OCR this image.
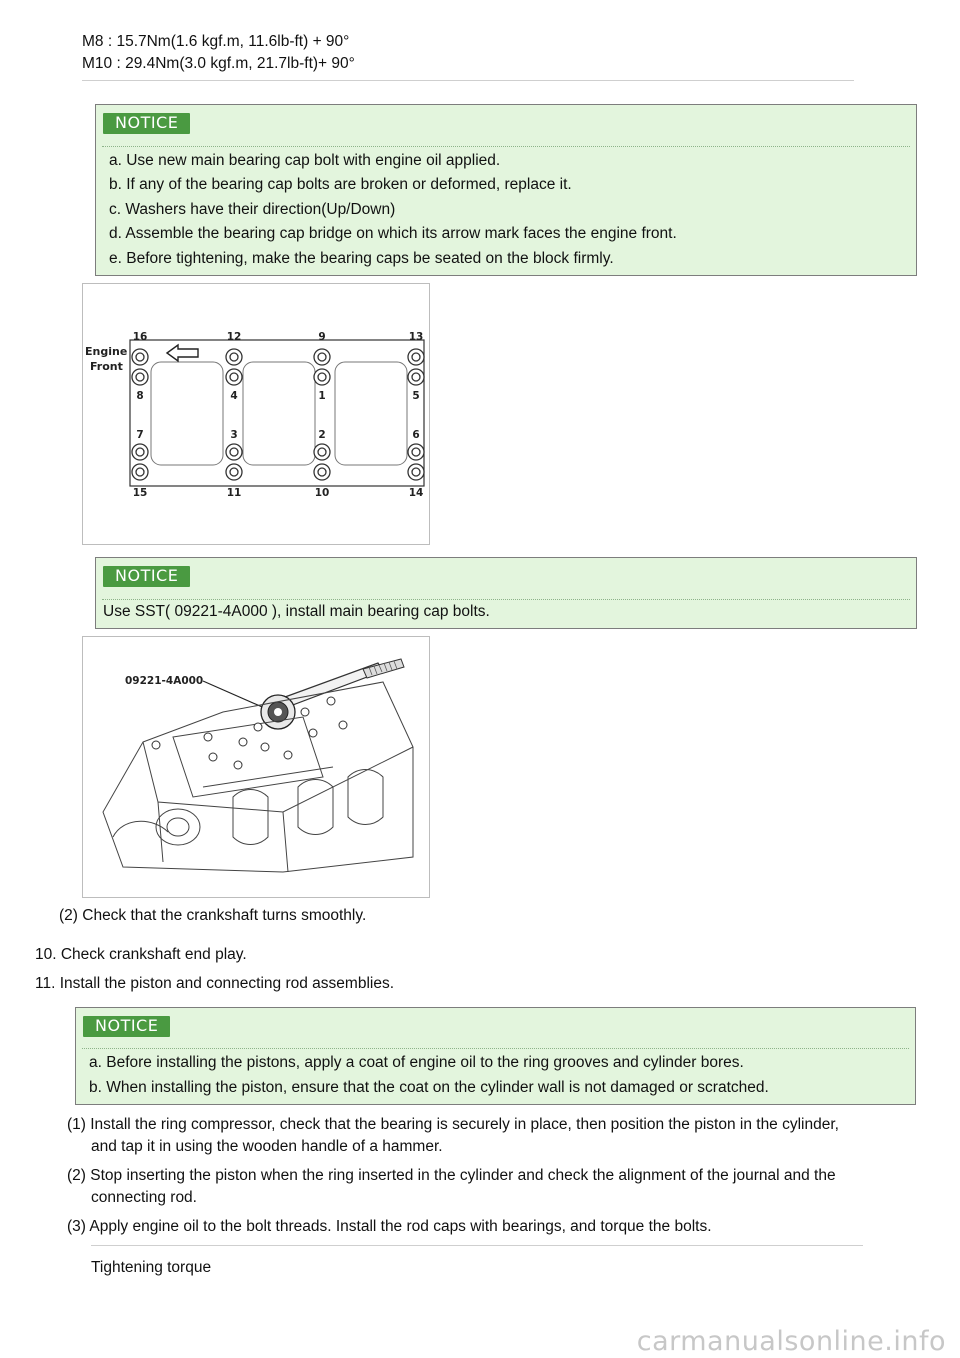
M8 : 15.7Nm(1.6 kgf.m, 11.6lb-ft) + 90°
M10 : 29.4Nm(3.0 kgf.m, 21.7lb-ft)+ 90°
NOTICE
a. Use new main bearing cap bolt with engine oil applied.
b. If any of the bearing cap bolts are broken or deformed, replace it.
c. Washers have their direction(Up/Down)
d. Assemble the bearing cap bridge on which its arrow mark faces the engine front.
e. Before tightening, make the bearing caps be seated on the block firmly.
Engine
Front
16	12	9	13
8	4	1	5
7	3	2	6
15	11	10	14
NOTICE
Use SST( 09221-4A000 ), install main bearing cap bolts.
09221-4A000
(2) Check that the crankshaft turns smoothly.
10. Check crankshaft end play.
11. Install the piston and connecting rod assemblies.
NOTICE
a. Before installing the pistons, apply a coat of engine oil to the ring grooves and cylinder bores.
b. When installing the piston, ensure that the coat on the cylinder wall is not damaged or scratched.
(1) Install the ring compressor, check that the bearing is securely in place, then position the piston in the cylinder,
and tap it in using the wooden handle of a hammer.
(2) Stop inserting the piston when the ring inserted in the cylinder and check the alignment of the journal and the
connecting rod.
(3) Apply engine oil to the bolt threads. Install the rod caps with bearings, and torque the bolts.
Tightening torque
carmanualsonline.info
